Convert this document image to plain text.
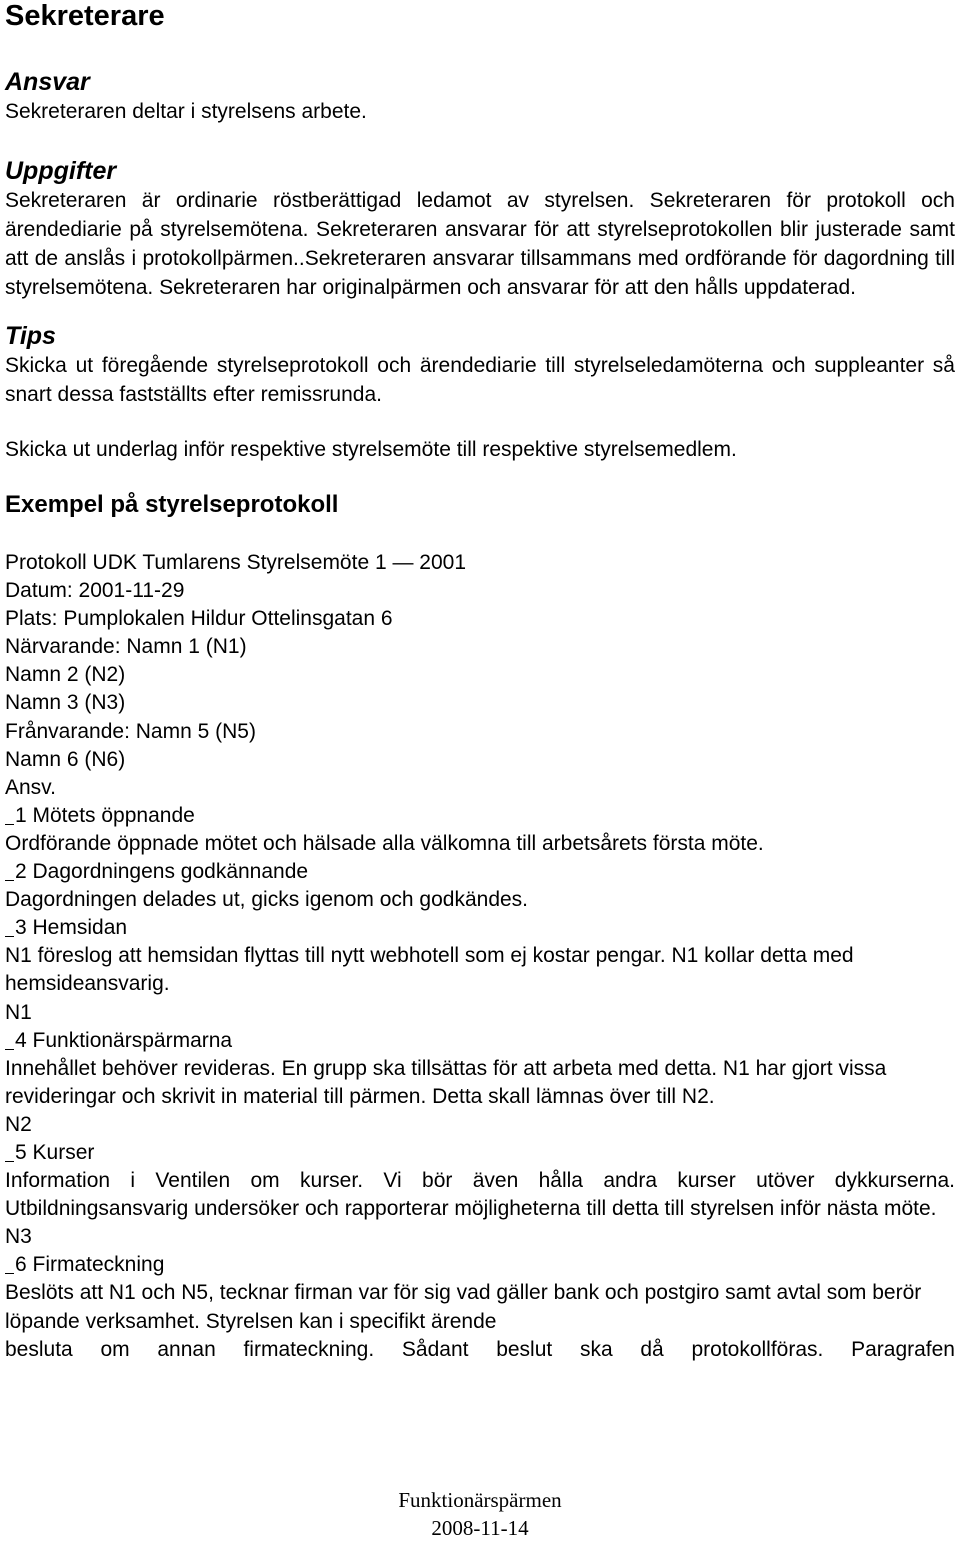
Sekreterare
Ansvar

Sekreteraren deltar i styrelsens arbete.

Uppgifter

Sekreteraren är ordinarie röstberättigad ledamot av styrelsen. Sekreteraren för protokoll och ärendediarie på styrelsemötena. Sekreteraren ansvarar för att styrelseprotokollen blir justerade samt att de anslås i protokollpärmen..Sekreteraren ansvarar tillsammans med ordförande för dagordning till styrelsemötena. Sekreteraren har originalpärmen och ansvarar för att den hålls uppdaterad.

Tips

Skicka ut föregående styrelseprotokoll och ärendediarie till styrelseledamöterna och suppleanter så snart dessa fastställts efter remissrunda.

Skicka ut underlag inför respektive styrelsemöte till respektive styrelsemedlem.

Exempel på styrelseprotokoll
Protokoll UDK Tumlarens Styrelsemöte 1 — 2001
Datum: 2001-11-29
Plats: Pumplokalen Hildur Ottelinsgatan 6
Närvarande: Namn 1 (N1)
Namn 2 (N2)
Namn 3 (N3)
Frånvarande: Namn 5 (N5)
Namn 6 (N6)
Ansv.
1 Mötets öppnande
Ordförande öppnade mötet och hälsade alla välkomna till arbetsårets första möte.
2 Dagordningens godkännande
Dagordningen delades ut, gicks igenom och godkändes.
3 Hemsidan
N1 föreslog att hemsidan flyttas till nytt webhotell som ej kostar pengar. N1 kollar detta med hemsideansvarig.
N1
4 Funktionärspärmarna
Innehållet behöver revideras. En grupp ska tillsättas för att arbeta med detta. N1 har gjort vissa revideringar och skrivit in material till pärmen. Detta skall lämnas över till N2.
N2
5 Kurser
Information i Ventilen om kurser. Vi bör även hålla andra kurser utöver dykkurserna. Utbildningsansvarig undersöker och rapporterar möjligheterna till detta till styrelsen inför nästa möte.
N3
6 Firmateckning
Beslöts att N1 och N5, tecknar firman var för sig vad gäller bank och postgiro samt avtal som berör löpande verksamhet. Styrelsen kan i specifikt ärende
besluta om annan firmateckning. Sådant beslut ska då protokollföras. Paragrafen
Funktionärspärmen
2008-11-14
